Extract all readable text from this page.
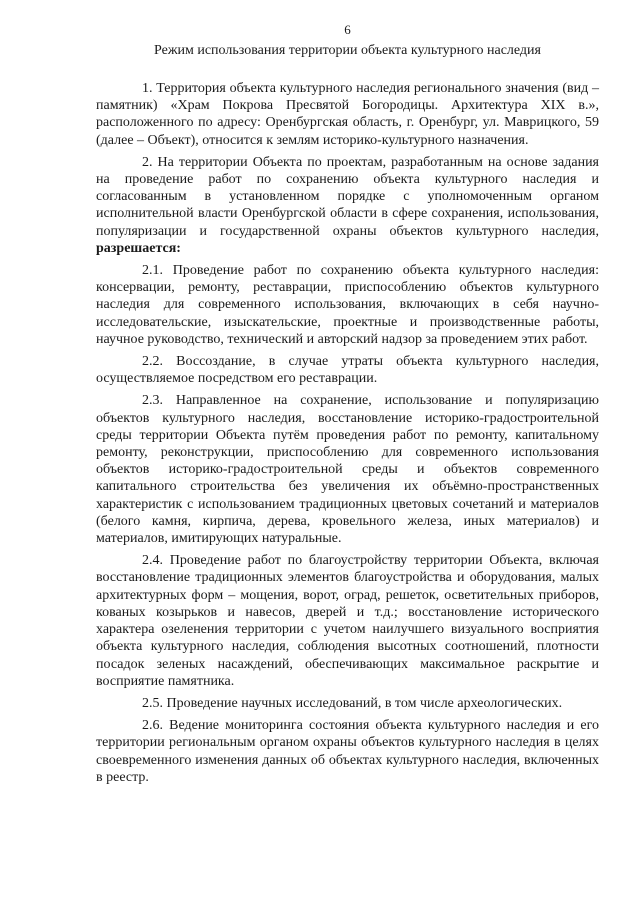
6
Режим использования территории объекта культурного наследия

1. Территория объекта культурного наследия регионального значения (вид – памятник) «Храм Покрова Пресвятой Богородицы. Архитектура XIX в.», расположенного по адресу: Оренбургская область, г. Оренбург, ул. Маврицкого, 59 (далее – Объект), относится к землям историко-культурного назначения.

2. На территории Объекта по проектам, разработанным на основе задания на проведение работ по сохранению объекта культурного наследия и согласованным в установленном порядке с уполномоченным органом исполнительной власти Оренбургской области в сфере сохранения, использования, популяризации и государственной охраны объектов культурного наследия, разрешается:

2.1. Проведение работ по сохранению объекта культурного наследия: консервации, ремонту, реставрации, приспособлению объектов культурного наследия для современного использования, включающих в себя научно-исследовательские, изыскательские, проектные и производственные работы, научное руководство, технический и авторский надзор за проведением этих работ.

2.2. Воссоздание, в случае утраты объекта культурного наследия, осуществляемое посредством его реставрации.

2.3. Направленное на сохранение, использование и популяризацию объектов культурного наследия, восстановление историко-градостроительной среды территории Объекта путём проведения работ по ремонту, капитальному ремонту, реконструкции, приспособлению для современного использования объектов историко-градостроительной среды и объектов современного капитального строительства без увеличения их объёмно-пространственных характеристик с использованием традиционных цветовых сочетаний и материалов (белого камня, кирпича, дерева, кровельного железа, иных материалов) и материалов, имитирующих натуральные.

2.4. Проведение работ по благоустройству территории Объекта, включая восстановление традиционных элементов благоустройства и оборудования, малых архитектурных форм – мощения, ворот, оград, решеток, осветительных приборов, кованых козырьков и навесов, дверей и т.д.; восстановление исторического характера озеленения территории с учетом наилучшего визуального восприятия объекта культурного наследия, соблюдения высотных соотношений, плотности посадок зеленых насаждений, обеспечивающих максимальное раскрытие и восприятие памятника.

2.5. Проведение научных исследований, в том числе археологических.

2.6. Ведение мониторинга состояния объекта культурного наследия и его территории региональным органом охраны объектов культурного наследия в целях своевременного изменения данных об объектах культурного наследия, включенных в реестр.
